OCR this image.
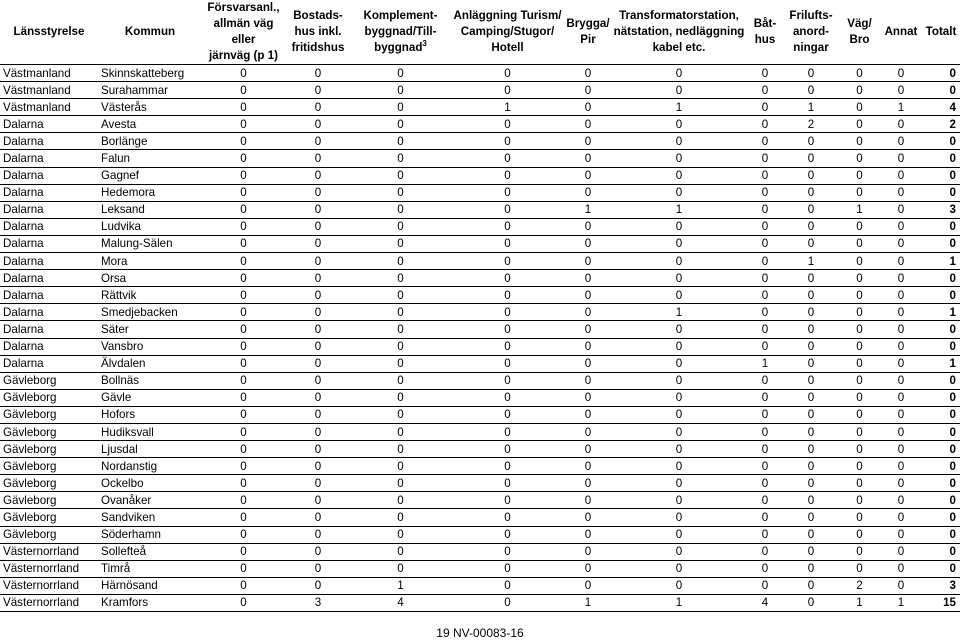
Länsstyrelse	Kommun	Försvarsanl.,
allmän väg eller
järnväg (p 1)	Bostads-
hus inkl.
fritidshus	Komplement-
byggnad/Till-
byggnad$^3$	Anläggning Turism/
Camping/Stugor/
Hotell	Brygga/
Pir	Transformatorstation,
nätstation, nedläggning
kabel etc.	Båt-
hus	Frilufts-
anord-
ningar	Väg/
Bro	Annat	Totalt
Västmanland	Skinnskatteberg	0	0	0	0	0	0	0	0	0	0	0
Västmanland	Surahammar	0	0	0	0	0	0	0	0	0	0	0
Västmanland	Västerås	0	0	0	1	0	1	0	1	0	1	4
Dalarna	Avesta	0	0	0	0	0	0	0	2	0	0	2
Dalarna	Borlänge	0	0	0	0	0	0	0	0	0	0	0
Dalarna	Falun	0	0	0	0	0	0	0	0	0	0	0
Dalarna	Gagnef	0	0	0	0	0	0	0	0	0	0	0
Dalarna	Hedemora	0	0	0	0	0	0	0	0	0	0	0
Dalarna	Leksand	0	0	0	0	1	1	0	0	1	0	3
Dalarna	Ludvika	0	0	0	0	0	0	0	0	0	0	0
Dalarna	Malung-Sälen	0	0	0	0	0	0	0	0	0	0	0
Dalarna	Mora	0	0	0	0	0	0	0	1	0	0	1
Dalarna	Orsa	0	0	0	0	0	0	0	0	0	0	0
Dalarna	Rättvik	0	0	0	0	0	0	0	0	0	0	0
Dalarna	Smedjebacken	0	0	0	0	0	1	0	0	0	0	1
Dalarna	Säter	0	0	0	0	0	0	0	0	0	0	0
Dalarna	Vansbro	0	0	0	0	0	0	0	0	0	0	0
Dalarna	Älvdalen	0	0	0	0	0	0	1	0	0	0	1
Gävleborg	Bollnäs	0	0	0	0	0	0	0	0	0	0	0
Gävleborg	Gävle	0	0	0	0	0	0	0	0	0	0	0
Gävleborg	Hofors	0	0	0	0	0	0	0	0	0	0	0
Gävleborg	Hudiksvall	0	0	0	0	0	0	0	0	0	0	0
Gävleborg	Ljusdal	0	0	0	0	0	0	0	0	0	0	0
Gävleborg	Nordanstig	0	0	0	0	0	0	0	0	0	0	0
Gävleborg	Ockelbo	0	0	0	0	0	0	0	0	0	0	0
Gävleborg	Ovanåker	0	0	0	0	0	0	0	0	0	0	0
Gävleborg	Sandviken	0	0	0	0	0	0	0	0	0	0	0
Gävleborg	Söderhamn	0	0	0	0	0	0	0	0	0	0	0
Västernorrland	Sollefteå	0	0	0	0	0	0	0	0	0	0	0
Västernorrland	Timrå	0	0	0	0	0	0	0	0	0	0	0
Västernorrland	Härnösand	0	0	1	0	0	0	0	0	2	0	3
Västernorrland	Kramfors	0	3	4	0	1	1	4	0	1	1	15
19 NV-00083-16
